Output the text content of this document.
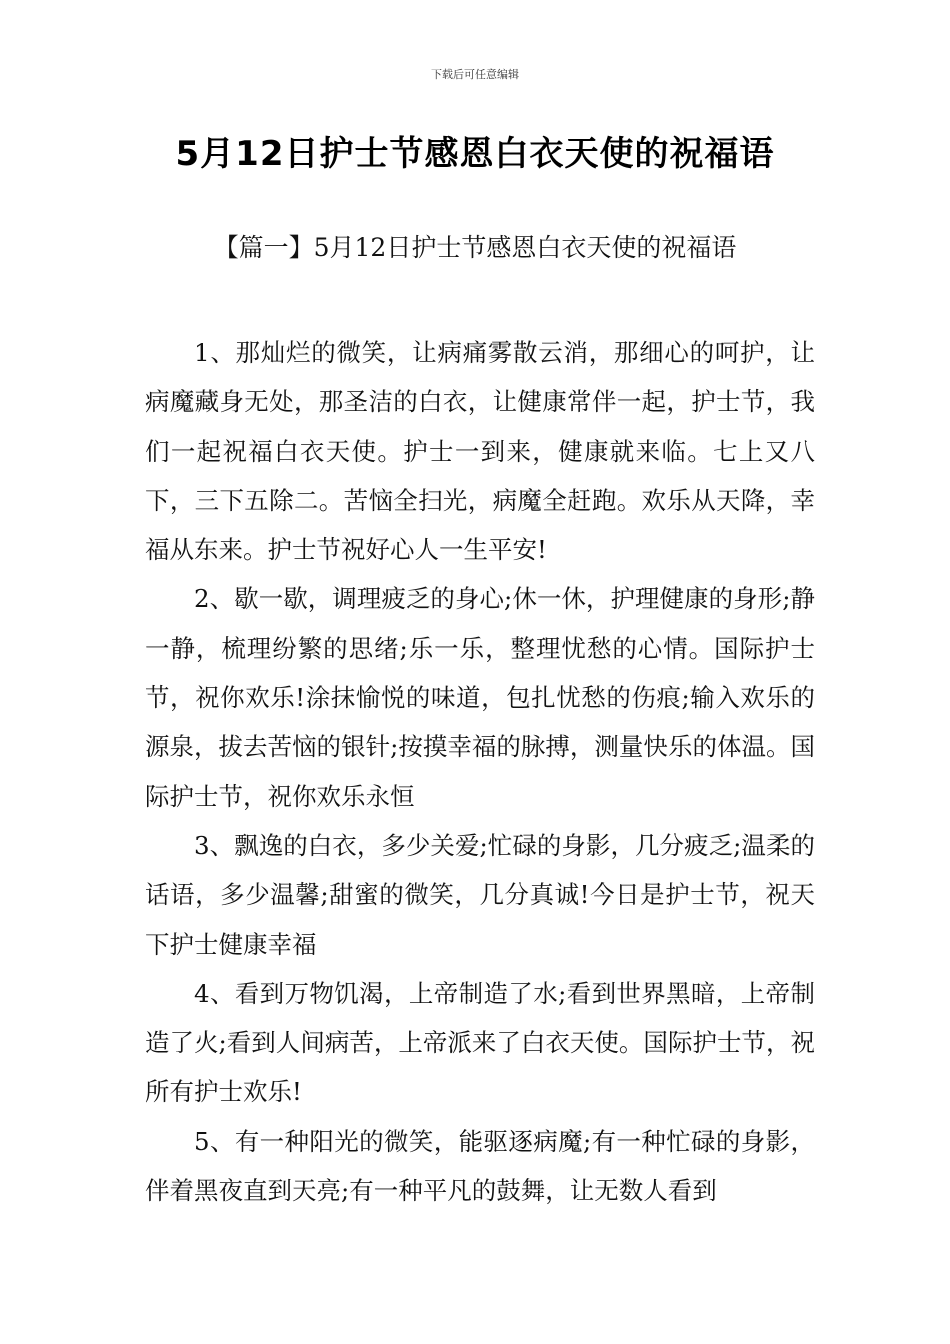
下载后可任意编辑
5月12日护士节感恩白衣天使的祝福语
【篇一】5月12日护士节感恩白衣天使的祝福语

1、那灿烂的微笑，让病痛雾散云消，那细心的呵护，让病魔藏身无处，那圣洁的白衣，让健康常伴一起，护士节，我们一起祝福白衣天使。护士一到来，健康就来临。七上又八下，三下五除二。苦恼全扫光，病魔全赶跑。欢乐从天降，幸福从东来。护士节祝好心人一生平安!

2、歇一歇，调理疲乏的身心;休一休，护理健康的身形;静一静，梳理纷繁的思绪;乐一乐，整理忧愁的心情。国际护士节，祝你欢乐!涂抹愉悦的味道，包扎忧愁的伤痕;输入欢乐的源泉，拔去苦恼的银针;按摸幸福的脉搏，测量快乐的体温。国际护士节，祝你欢乐永恒

3、飘逸的白衣，多少关爱;忙碌的身影，几分疲乏;温柔的话语，多少温馨;甜蜜的微笑，几分真诚!今日是护士节，祝天下护士健康幸福

4、看到万物饥渴，上帝制造了水;看到世界黑暗，上帝制造了火;看到人间病苦，上帝派来了白衣天使。国际护士节，祝所有护士欢乐!

5、有一种阳光的微笑，能驱逐病魔;有一种忙碌的身影，伴着黑夜直到天亮;有一种平凡的鼓舞，让无数人看到
